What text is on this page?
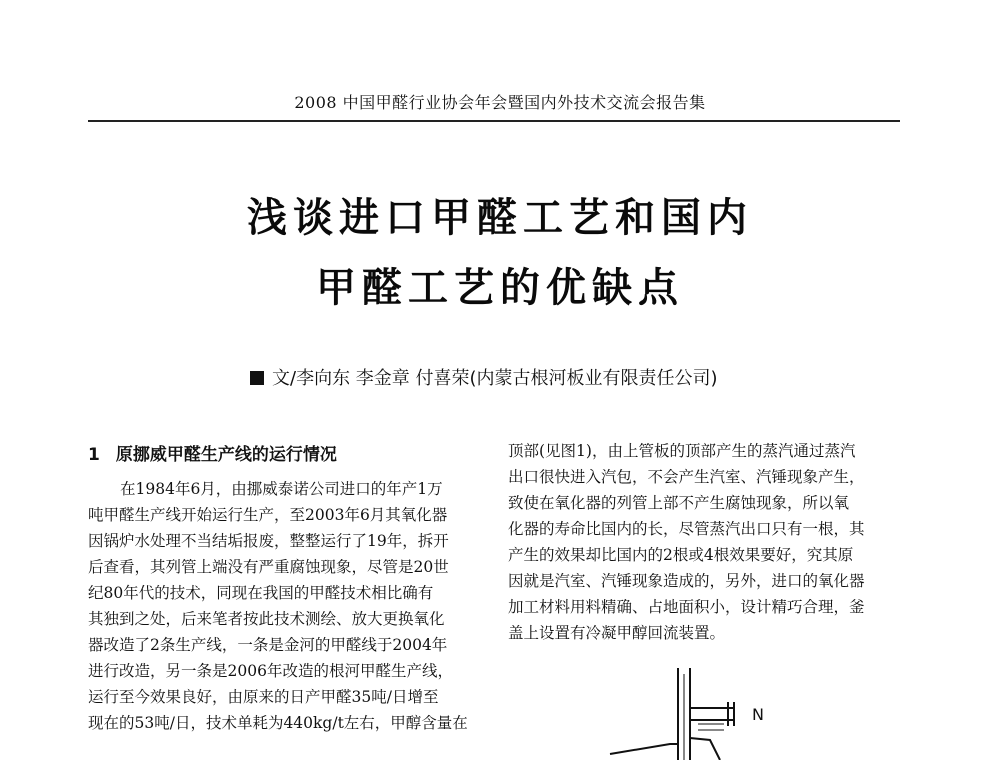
2008 中国甲醛行业协会年会暨国内外技术交流会报告集
浅谈进口甲醛工艺和国内
甲醛工艺的优缺点
文/李向东 李金章 付喜荣(内蒙古根河板业有限责任公司)
1 原挪威甲醛生产线的运行情况
在1984年6月，由挪威泰诺公司进口的年产1万
吨甲醛生产线开始运行生产，至2003年6月其氧化器
因锅炉水处理不当结垢报废，整整运行了19年，拆开
后查看，其列管上端没有严重腐蚀现象，尽管是20世
纪80年代的技术，同现在我国的甲醛技术相比确有
其独到之处，后来笔者按此技术测绘、放大更换氧化
器改造了2条生产线，一条是金河的甲醛线于2004年
进行改造，另一条是2006年改造的根河甲醛生产线，
运行至今效果良好，由原来的日产甲醛35吨/日增至
现在的53吨/日，技术单耗为440kg/t左右，甲醇含量在
顶部(见图1)，由上管板的顶部产生的蒸汽通过蒸汽
出口很快进入汽包，不会产生汽室、汽锤现象产生，
致使在氧化器的列管上部不产生腐蚀现象，所以氧
化器的寿命比国内的长，尽管蒸汽出口只有一根，其
产生的效果却比国内的2根或4根效果要好，究其原
因就是汽室、汽锤现象造成的，另外，进口的氧化器
加工材料用料精确、占地面积小，设计精巧合理，釜
盖上设置有冷凝甲醇回流装置。
N
